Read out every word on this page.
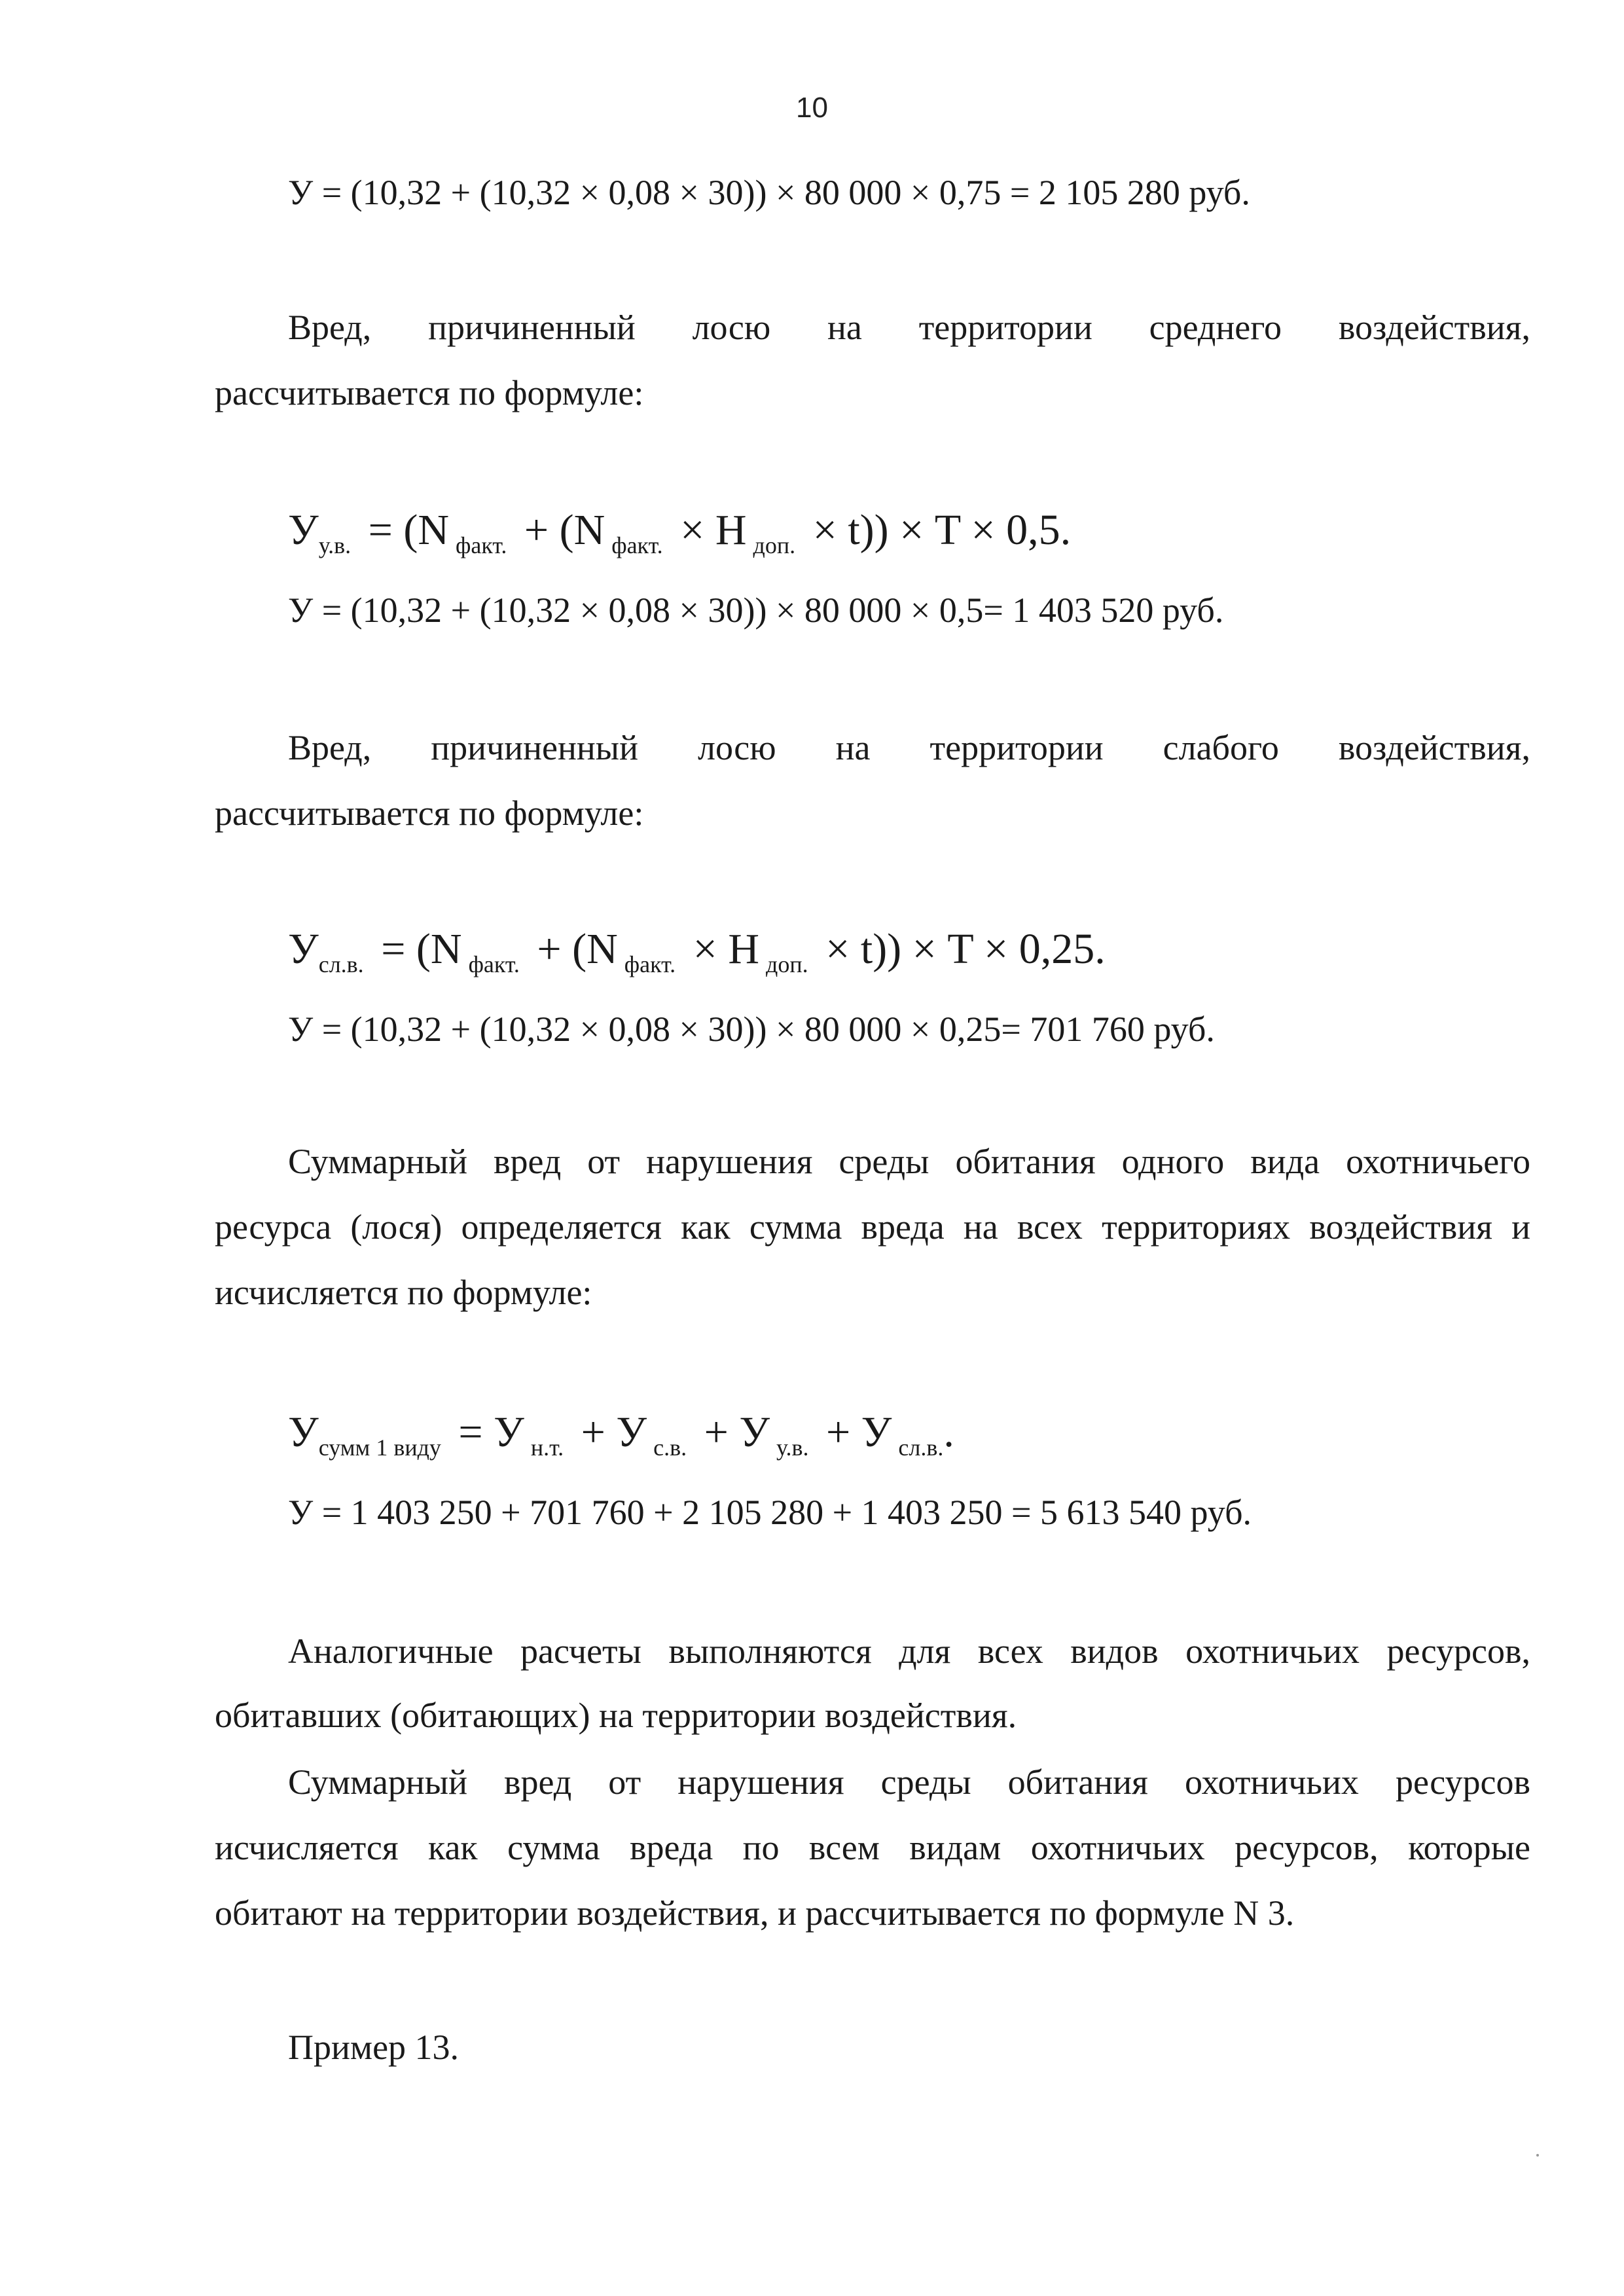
10
У = (10,32 + (10,32 × 0,08 × 30)) × 80 000 × 0,75 = 2 105 280 руб.
Вред, причиненный лосю на территории среднего воздействия,
рассчитывается по формуле:
$У_{у.в.} = (N$ $_{факт.}$ + (N $_{факт.}$ × H $_{доп.}$ × t)) × T × 0,5.
У = (10,32 + (10,32 × 0,08 × 30)) × 80 000 × 0,5= 1 403 520 руб.
Вред, причиненный лосю на территории слабого воздействия,
рассчитывается по формуле:
$У_{сл.в.} = (N$ $_{факт.}$ + (N $_{факт.}$ × H $_{доп.}$ × t)) × T × 0,25.
У = (10,32 + (10,32 × 0,08 × 30)) × 80 000 × 0,25= 701 760 руб.
Суммарный вред от нарушения среды обитания одного вида охотничьего
ресурса (лося) определяется как сумма вреда на всех территориях воздействия и
исчисляется по формуле:
$У_{сумм 1 виду} = У$ $_{н.т.}$ + У $_{с.в.}$ + У $_{у.в.}$ + У $_{сл.в.}$.
У = 1 403 250 + 701 760 + 2 105 280 + 1 403 250 = 5 613 540 руб.
Аналогичные расчеты выполняются для всех видов охотничьих ресурсов,
обитавших (обитающих) на территории воздействия.
Суммарный вред от нарушения среды обитания охотничьих ресурсов
исчисляется как сумма вреда по всем видам охотничьих ресурсов, которые
обитают на территории воздействия, и рассчитывается по формуле N 3.
Пример 13.
